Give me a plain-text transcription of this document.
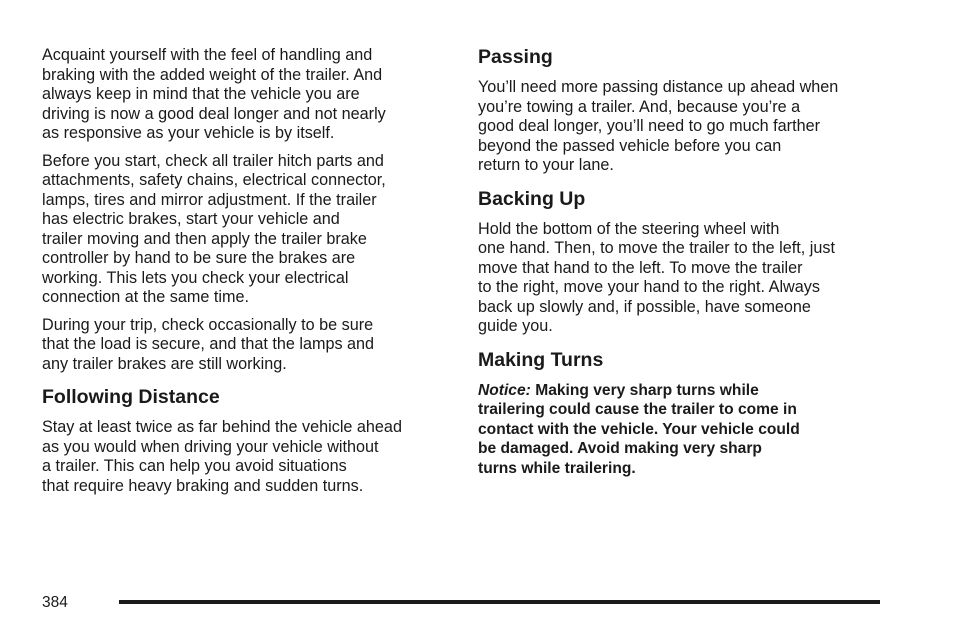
Acquaint yourself with the feel of handling and
braking with the added weight of the trailer. And
always keep in mind that the vehicle you are
driving is now a good deal longer and not nearly
as responsive as your vehicle is by itself.

Before you start, check all trailer hitch parts and
attachments, safety chains, electrical connector,
lamps, tires and mirror adjustment. If the trailer
has electric brakes, start your vehicle and
trailer moving and then apply the trailer brake
controller by hand to be sure the brakes are
working. This lets you check your electrical
connection at the same time.

During your trip, check occasionally to be sure
that the load is secure, and that the lamps and
any trailer brakes are still working.

Following Distance

Stay at least twice as far behind the vehicle ahead
as you would when driving your vehicle without
a trailer. This can help you avoid situations
that require heavy braking and sudden turns.

Passing

You’ll need more passing distance up ahead when
you’re towing a trailer. And, because you’re a
good deal longer, you’ll need to go much farther
beyond the passed vehicle before you can
return to your lane.

Backing Up

Hold the bottom of the steering wheel with
one hand. Then, to move the trailer to the left, just
move that hand to the left. To move the trailer
to the right, move your hand to the right. Always
back up slowly and, if possible, have someone
guide you.

Making Turns

Notice: Making very sharp turns while
trailering could cause the trailer to come in
contact with the vehicle. Your vehicle could
be damaged. Avoid making very sharp
turns while trailering.

384
